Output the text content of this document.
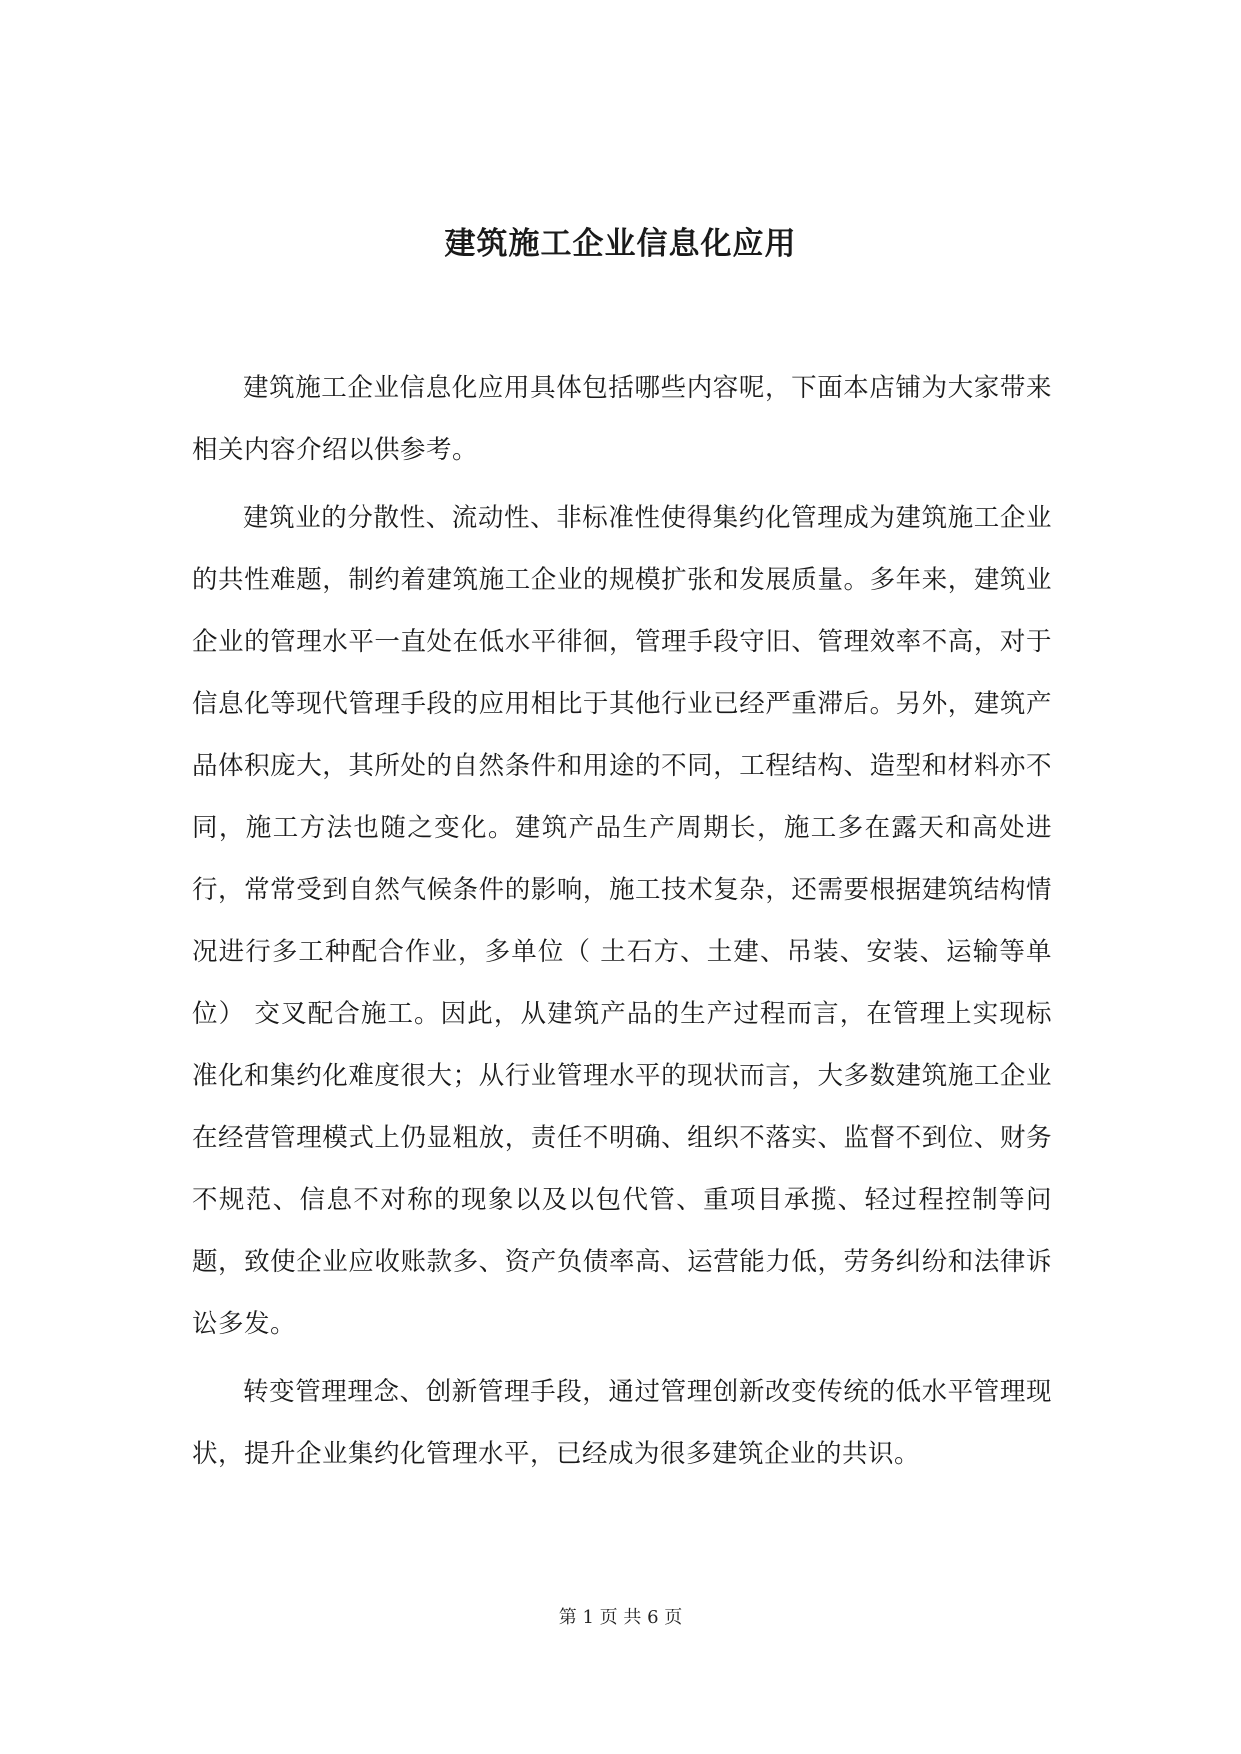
建筑施工企业信息化应用

建筑施工企业信息化应用具体包括哪些内容呢，下面本店铺为大家带来相关内容介绍以供参考。

建筑业的分散性、流动性、非标准性使得集约化管理成为建筑施工企业的共性难题，制约着建筑施工企业的规模扩张和发展质量。多年来，建筑业企业的管理水平一直处在低水平徘徊，管理手段守旧、管理效率不高，对于信息化等现代管理手段的应用相比于其他行业已经严重滞后。另外，建筑产品体积庞大，其所处的自然条件和用途的不同，工程结构、造型和材料亦不同，施工方法也随之变化。建筑产品生产周期长，施工多在露天和高处进行，常常受到自然气候条件的影响，施工技术复杂，还需要根据建筑结构情况进行多工种配合作业，多单位（ 土石方、土建、吊装、安装、运输等单位） 交叉配合施工。因此，从建筑产品的生产过程而言，在管理上实现标准化和集约化难度很大；从行业管理水平的现状而言，大多数建筑施工企业在经营管理模式上仍显粗放，责任不明确、组织不落实、监督不到位、财务不规范、信息不对称的现象以及以包代管、重项目承揽、轻过程控制等问题，致使企业应收账款多、资产负债率高、运营能力低，劳务纠纷和法律诉讼多发。

转变管理理念、创新管理手段，通过管理创新改变传统的低水平管理现状，提升企业集约化管理水平，已经成为很多建筑企业的共识。

第 1 页 共 6 页
